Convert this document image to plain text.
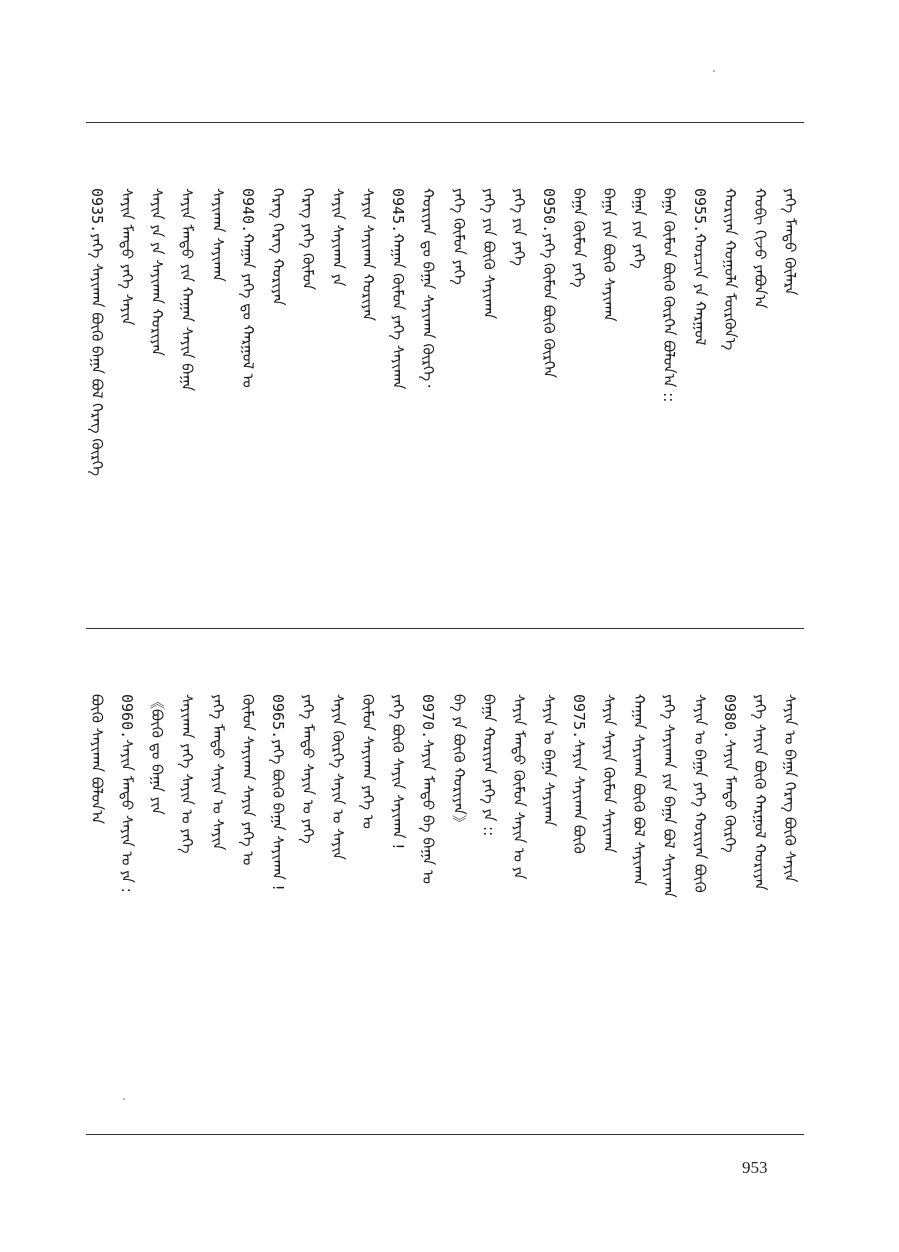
ᠶᠡᠭᠡ ᠮᠡᠨᠳᠦ ᠬᠥᠯᠡᠷᠡ
ᠬᠤᠪᠢ ᠬᠢᠵᠦ ᠶᠠᠪᠤᠨ᠎ᠠ
ᠬᠣᠷᠢᠶᠠᠨ ᠬᠣᠭᠣᠯᠠ ᠮᠦᠷᠭᠦᠨ᠎ᠡ
0955.ᠬᠤᠷᠴᠢᠨ ᠶᠠ ᠬᠠᠷᠭᠤᠯ
ᠪᠠᠭᠠ ᠬᠦᠮᠦᠨ ᠪᠦᠬᠦ ᠬᠦᠷᠭᠡᠨ ᠪᠣᠯᠤᠨ᠎ᠠ ::
ᠪᠠᠭᠠ ᠶᠢᠨ ᠶᠡᠭᠡ
ᠪᠠᠭᠠ ᠶᠢᠨ ᠪᠦᠬᠦ ᠰᠠᠶᠢᠬᠠᠨ
ᠪᠠᠭᠠ ᠬᠦᠮᠦᠨ ᠶᠡᠭᠡ
0950.ᠶᠡᠭᠡ ᠬᠦᠮᠦᠨ ᠪᠦᠬᠦ ᠬᠦᠷᠭᠡᠨ
ᠶᠡᠭᠡ ᠶᠢᠨ ᠶᠡᠭᠡ
ᠶᠡᠭᠡ ᠶᠢᠨ ᠪᠦᠬᠦ ᠰᠠᠶᠢᠬᠠᠨ
ᠶᠡᠭᠡ ᠬᠦᠮᠦᠨ ᠶᠡᠭᠡ
ᠬᠣᠷᠢᠶᠠᠨ ᠳᠤ ᠪᠠᠭᠠ ᠰᠠᠶᠢᠬᠠᠨ ᠬᠦᠷᠭᠡ᠂
0945.ᠬᠠᠭᠠᠨ ᠬᠦᠮᠦᠨ ᠶᠡᠭᠡ ᠰᠠᠶᠢᠬᠠᠨ
ᠰᠠᠶᠢᠨ ᠰᠠᠶᠢᠬᠠᠨ ᠬᠣᠷᠢᠶᠠᠨ
ᠰᠠᠶᠢᠨ ᠰᠠᠶᠢᠬᠠᠨ ᠶᠠ
ᠬᠡᠷᠡᠭ ᠶᠡᠭᠡ ᠬᠦᠮᠦᠨ
ᠬᠡᠷᠡᠭ ᠬᠡᠷᠡᠭ ᠬᠣᠷᠢᠶᠠᠨ
0940.ᠬᠠᠭᠠᠨ ᠶᠡᠭᠡ ᠳᠤ ᠬᠠᠷᠭᠤᠯ ᠤ
ᠰᠠᠶᠢᠬᠠᠨ ᠰᠠᠶᠢᠬᠠᠨ
ᠰᠠᠶᠢᠨ ᠮᠡᠨᠳᠦ ᠶᠢᠨ ᠬᠠᠭᠠᠨ ᠰᠠᠶᠢᠨ ᠪᠠᠭᠠ
ᠰᠠᠶᠢᠨ ᠶᠠ ᠶᠠ ᠰᠠᠶᠢᠬᠠᠨ ᠬᠣᠷᠢᠶᠠᠨ
ᠰᠠᠶᠢᠨ ᠮᠡᠨᠳᠦ ᠶᠡᠭᠡ ᠰᠠᠶᠢᠨ
0935.ᠶᠡᠭᠡ ᠰᠠᠶᠢᠬᠠᠨ ᠪᠦᠬᠦ ᠪᠠᠭᠠ ᠪᠣᠯ ᠬᠡᠷᠡᠭ ᠬᠦᠷᠭᠡ
ᠰᠠᠶᠢᠨ ᠤ ᠪᠠᠭᠠ ᠬᠡᠷᠡᠭ ᠪᠦᠬᠦ ᠰᠠᠶᠢᠨ
ᠶᠡᠭᠡ ᠰᠠᠶᠢᠨ ᠪᠦᠬᠦ ᠬᠠᠷᠭᠤᠯ ᠬᠣᠷᠢᠶᠠᠨ
0980.ᠰᠠᠶᠢᠨ ᠮᠡᠨᠳᠦ ᠬᠦᠷᠭᠡ
ᠰᠠᠶᠢᠨ ᠤ ᠪᠠᠭᠠ ᠶᠡᠭᠡ ᠬᠣᠷᠢᠶᠠᠨ ᠪᠦᠬᠦ
ᠶᠡᠭᠡ ᠰᠠᠶᠢᠬᠠᠨ ᠶᠢᠨ ᠪᠠᠭᠠ ᠪᠣᠯ ᠰᠠᠶᠢᠬᠠᠨ
ᠬᠠᠭᠠᠨ ᠰᠠᠶᠢᠬᠠᠨ ᠪᠦᠬᠦ ᠪᠣᠯ ᠰᠠᠶᠢᠬᠠᠨ
ᠰᠠᠶᠢᠨ ᠰᠠᠶᠢᠨ ᠬᠦᠮᠦᠨ ᠰᠠᠶᠢᠬᠠᠨ
0975.ᠰᠠᠶᠢᠨ ᠰᠠᠶᠢᠬᠠᠨ ᠪᠦᠬᠦ
ᠰᠠᠶᠢᠨ ᠤ ᠪᠠᠭᠠ ᠰᠠᠶᠢᠬᠠᠨ
ᠰᠠᠶᠢᠨ ᠮᠡᠨᠳᠦ ᠬᠦᠮᠦᠨ ᠰᠠᠶᠢᠨ ᠤ ᠶᠠ
ᠪᠠᠭᠠ ᠬᠣᠷᠢᠶᠠᠨ ᠶᠡᠭᠡ ᠶᠠ ::
ᠪᠠ ᠶᠠ ᠪᠦᠬᠦ ᠬᠣᠷᠢᠶᠠᠨ》
0970.ᠰᠠᠶᠢᠨ ᠮᠡᠨᠳᠦ ᠪᠠ ᠪᠠᠭᠠ ᠤ
ᠶᠡᠭᠡ ᠪᠦᠬᠦ ᠰᠠᠶᠢᠨ ᠰᠠᠶᠢᠬᠠᠨ !
ᠬᠦᠮᠦᠨ ᠰᠠᠶᠢᠬᠠᠨ ᠶᠡᠭᠡ ᠤ
ᠰᠠᠶᠢᠨ ᠬᠦᠷᠭᠡ ᠰᠠᠶᠢᠨ ᠤ ᠰᠠᠶᠢᠨ
ᠶᠡᠭᠡ ᠮᠡᠨᠳᠦ ᠰᠠᠶᠢᠨ ᠤ ᠶᠡᠭᠡ
0965.ᠶᠡᠭᠡ ᠪᠦᠬᠦ ᠪᠠᠭᠠ ᠰᠠᠶᠢᠬᠠᠨ !
ᠬᠦᠮᠦᠨ ᠰᠠᠶᠢᠬᠠᠨ ᠰᠠᠶᠢᠨ ᠶᠡᠭᠡ ᠤ
ᠶᠡᠭᠡ ᠮᠡᠨᠳᠦ ᠰᠠᠶᠢᠨ ᠤ ᠰᠠᠶᠢᠨ
ᠰᠠᠶᠢᠬᠠᠨ ᠶᠡᠭᠡ ᠰᠠᠶᠢᠨ ᠤ ᠶᠡᠭᠡ
《ᠪᠦᠬᠦ ᠳᠤ ᠪᠠᠭᠠ ᠶᠢᠨ
0960.ᠰᠠᠶᠢᠨ ᠮᠡᠨᠳᠦ ᠰᠠᠶᠢᠨ ᠤ ᠶᠠ :
ᠪᠦᠬᠦ ᠰᠠᠶᠢᠬᠠᠨ ᠪᠣᠯᠤᠨ᠎ᠠ
953
